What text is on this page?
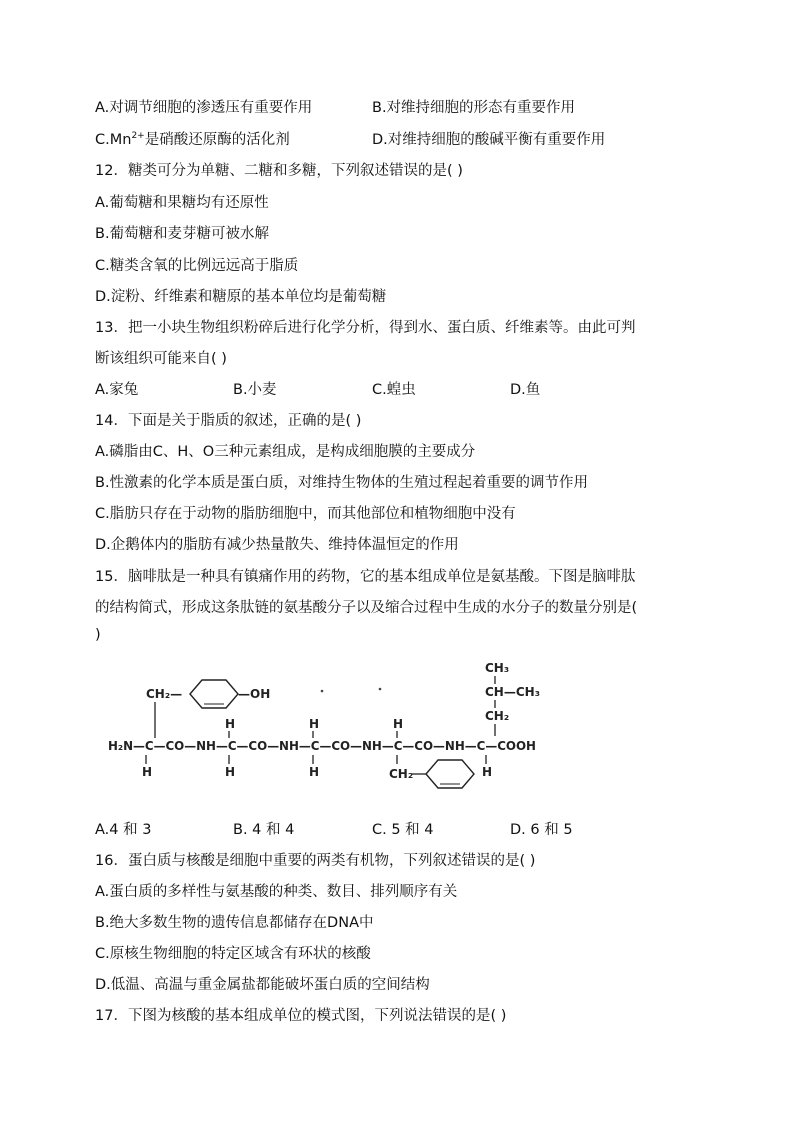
A.对调节细胞的渗透压有重要作用	B.对维持细胞的形态有重要作用
$C.Mn^{2+}$是硝酸还原酶的活化剂	D.对维持细胞的酸碱平衡有重要作用
12．糖类可分为单糖、二糖和多糖，下列叙述错误的是( )
A.葡萄糖和果糖均有还原性
B.葡萄糖和麦芽糖可被水解
C.糖类含氧的比例远远高于脂质
D.淀粉、纤维素和糖原的基本单位均是葡萄糖
13．把一小块生物组织粉碎后进行化学分析，得到水、蛋白质、纤维素等。由此可判
断该组织可能来自( )
A.家兔	B.小麦	C.蝗虫	D.鱼
14．下面是关于脂质的叙述，正确的是( )
A.磷脂由C、H、O三种元素组成，是构成细胞膜的主要成分
B.性激素的化学本质是蛋白质，对维持生物体的生殖过程起着重要的调节作用
C.脂肪只存在于动物的脂肪细胞中，而其他部位和植物细胞中没有
D.企鹅体内的脂肪有减少热量散失、维持体温恒定的作用
15．脑啡肽是一种具有镇痛作用的药物，它的基本组成单位是氨基酸。下图是脑啡肽
的结构简式，形成这条肽链的氨基酸分子以及缩合过程中生成的水分子的数量分别是(
)
CH₃
CH—CH₃
CH₂
CH₂—	—OH
H	H	H
H₂N—C—CO—NH—C—CO—NH—C—CO—NH—C—CO—NH—C—COOH
H	H	H	CH₂	H
A.4 和 3	B. 4 和 4	C. 5 和 4	D. 6 和 5
16．蛋白质与核酸是细胞中重要的两类有机物，下列叙述错误的是( )
A.蛋白质的多样性与氨基酸的种类、数目、排列顺序有关
B.绝大多数生物的遗传信息都储存在DNA中
C.原核生物细胞的特定区域含有环状的核酸
D.低温、高温与重金属盐都能破坏蛋白质的空间结构
17．下图为核酸的基本组成单位的模式图，下列说法错误的是( )
